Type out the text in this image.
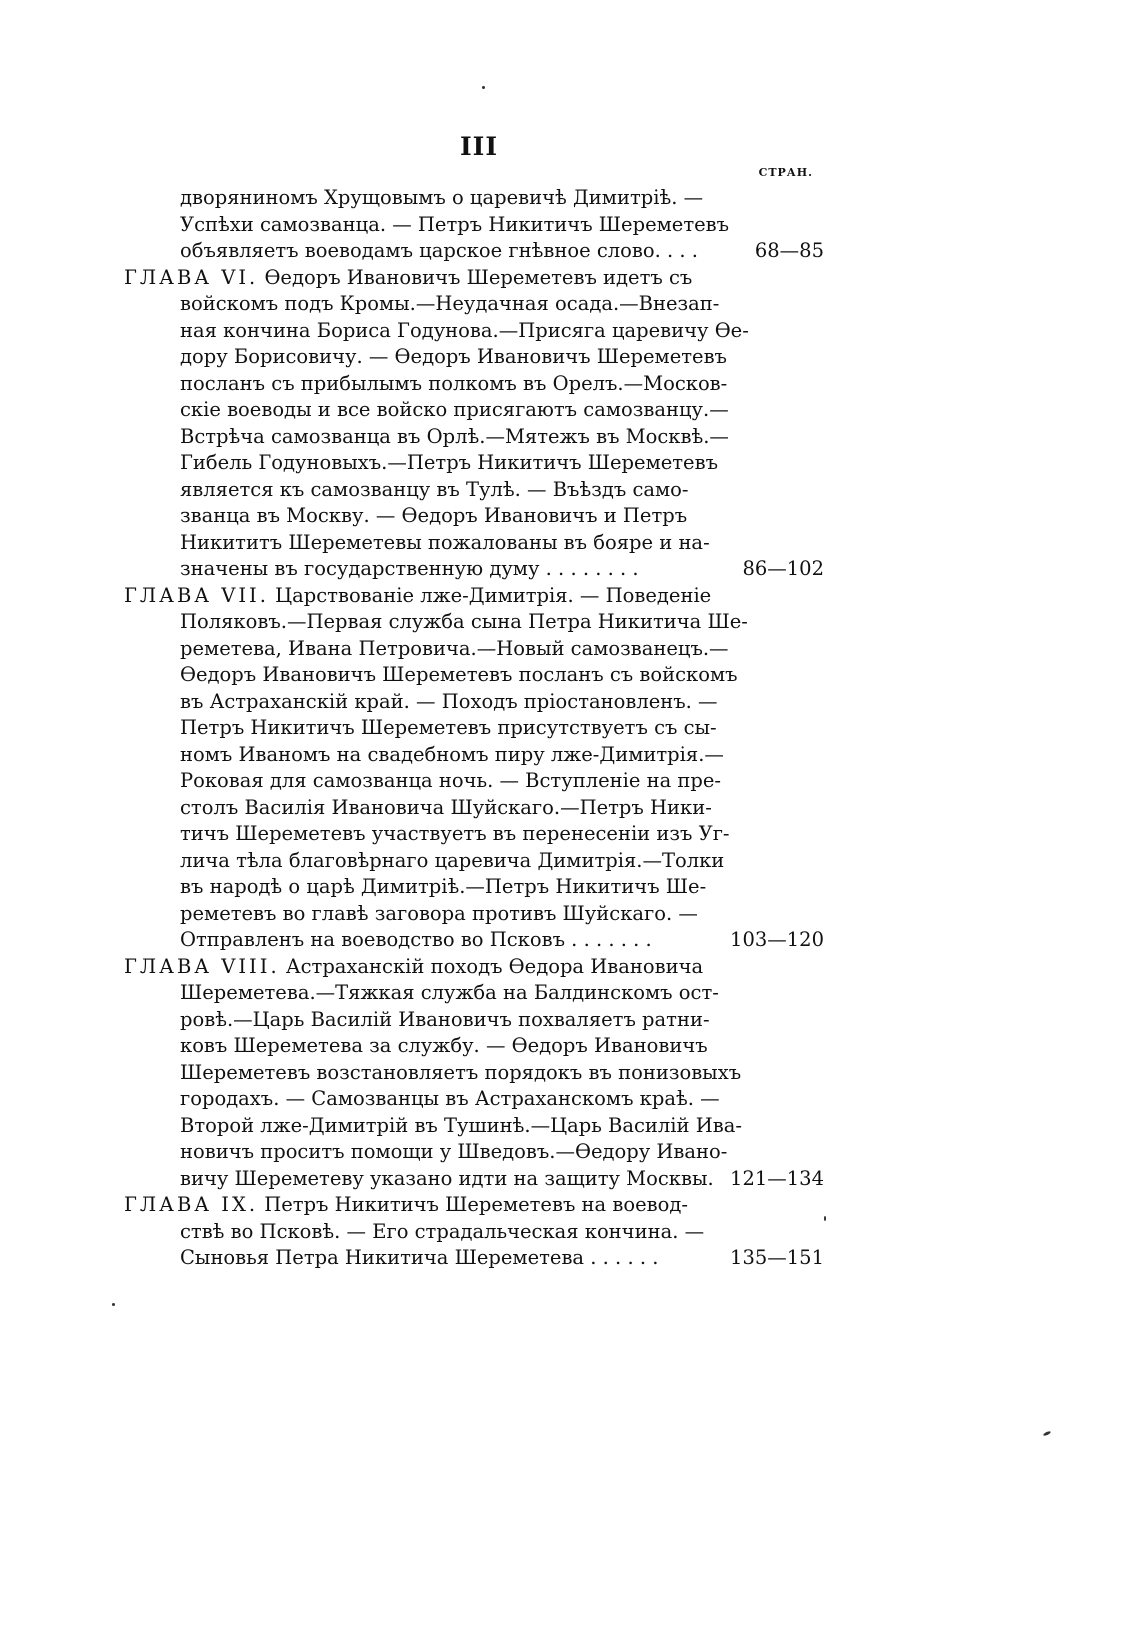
III
СТРАН.
дворяниномъ Хрущовымъ о царевичѣ Димитріѣ. —
Успѣхи самозванца. — Петръ Никитичъ Шереметевъ
объявляетъ воеводамъ царское гнѣвное слово. . . .	68—85
ГЛАВА VI. Ѳедоръ Ивановичъ Шереметевъ идетъ съ
войскомъ подъ Кромы.—Неудачная осада.—Внезап-
ная кончина Бориса Годунова.—Присяга царевичу Ѳе-
дору Борисовичу. — Ѳедоръ Ивановичъ Шереметевъ
посланъ съ прибылымъ полкомъ въ Орелъ.—Москов-
скіе воеводы и все войско присягаютъ самозванцу.—
Встрѣча самозванца въ Орлѣ.—Мятежъ въ Москвѣ.—
Гибель Годуновыхъ.—Петръ Никитичъ Шереметевъ
является къ самозванцу въ Тулѣ. — Въѣздъ само-
званца въ Москву. — Ѳедоръ Ивановичъ и Петръ
Никититъ Шереметевы пожалованы въ бояре и на-
значены въ государственную думу . . . . . . . .	86—102
ГЛАВА VII. Царствованіе лже-Димитрія. — Поведеніе
Поляковъ.—Первая служба сына Петра Никитича Ше-
реметева, Ивана Петровича.—Новый самозванецъ.—
Ѳедоръ Ивановичъ Шереметевъ посланъ съ войскомъ
въ Астраханскій край. — Походъ пріостановленъ. —
Петръ Никитичъ Шереметевъ присутствуетъ съ сы-
номъ Иваномъ на свадебномъ пиру лже-Димитрія.—
Роковая для самозванца ночь. — Вступленіе на пре-
столъ Василія Ивановича Шуйскаго.—Петръ Ники-
тичъ Шереметевъ участвуетъ въ перенесеніи изъ Уг-
лича тѣла благовѣрнаго царевича Димитрія.—Толки
въ народѣ о царѣ Димитріѣ.—Петръ Никитичъ Ше-
реметевъ во главѣ заговора противъ Шуйскаго. —
Отправленъ на воеводство во Псковъ . . . . . . .	103—120
ГЛАВА VIII. Астраханскій походъ Ѳедора Ивановича
Шереметева.—Тяжкая служба на Балдинскомъ ост-
ровѣ.—Царь Василій Ивановичъ похваляетъ ратни-
ковъ Шереметева за службу. — Ѳедоръ Ивановичъ
Шереметевъ возстановляетъ порядокъ въ понизовыхъ
городахъ. — Самозванцы въ Астраханскомъ краѣ. —
Второй лже-Димитрій въ Тушинѣ.—Царь Василій Ива-
новичъ проситъ помощи у Шведовъ.—Ѳедору Ивано-
вичу Шереметеву указано идти на защиту Москвы. 121—134
ГЛАВА IX. Петръ Никитичъ Шереметевъ на воевод-
ствѣ во Псковѣ. — Его страдальческая кончина. —
Сыновья Петра Никитича Шереметева . . . . . .	135—151
